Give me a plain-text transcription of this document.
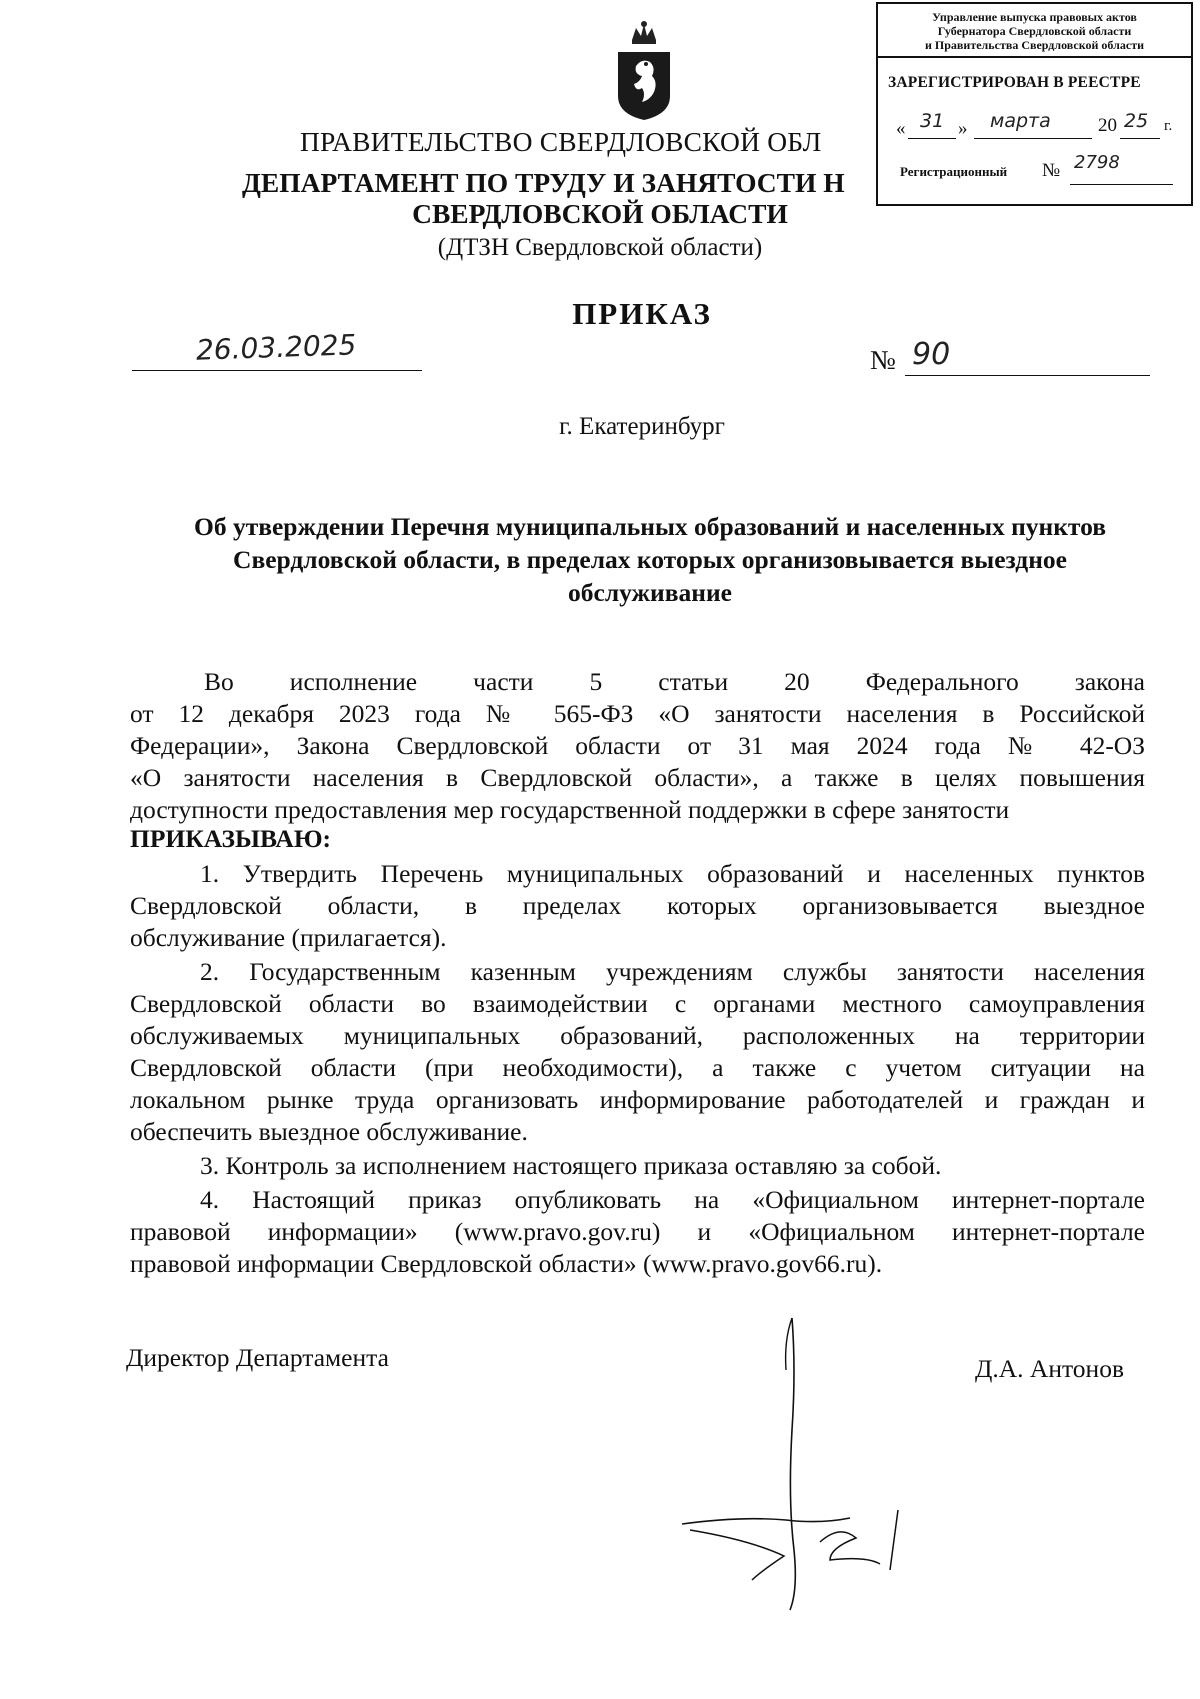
Управление выпуска правовых актов
Губернатора Свердловской области
и Правительства Свердловской области
ЗАРЕГИСТРИРОВАН В РЕЕСТРЕ
« 31 » марта 20 25 г.
Регистрационный № 2798
ПРАВИТЕЛЬСТВО СВЕРДЛОВСКОЙ ОБЛ
ДЕПАРТАМЕНТ ПО ТРУДУ И ЗАНЯТОСТИ Н
СВЕРДЛОВСКОЙ ОБЛАСТИ
(ДТЗН Свердловской области)
ПРИКАЗ
26.03.2025	№ 90
г. Екатеринбург
Об утверждении Перечня муниципальных образований и населенных пунктов Свердловской области, в пределах которых организовывается выездное обслуживание
Во исполнение части 5 статьи 20 Федерального закона
от 12 декабря 2023 года № 565-ФЗ «О занятости населения в Российской
Федерации», Закона Свердловской области от 31 мая 2024 года № 42-ОЗ
«О занятости населения в Свердловской области», а также в целях повышения
доступности предоставления мер государственной поддержки в сфере занятости
ПРИКАЗЫВАЮ:
1. Утвердить Перечень муниципальных образований и населенных пунктов
Свердловской области, в пределах которых организовывается выездное
обслуживание (прилагается).
2. Государственным казенным учреждениям службы занятости населения
Свердловской области во взаимодействии с органами местного самоуправления
обслуживаемых муниципальных образований, расположенных на территории
Свердловской области (при необходимости), а также с учетом ситуации на
локальном рынке труда организовать информирование работодателей и граждан и
обеспечить выездное обслуживание.
3. Контроль за исполнением настоящего приказа оставляю за собой.
4. Настоящий приказ опубликовать на «Официальном интернет-портале
правовой информации» (www.pravo.gov.ru) и «Официальном интернет-портале
правовой информации Свердловской области» (www.pravo.gov66.ru).
Директор Департамента	Д.А. Антонов
